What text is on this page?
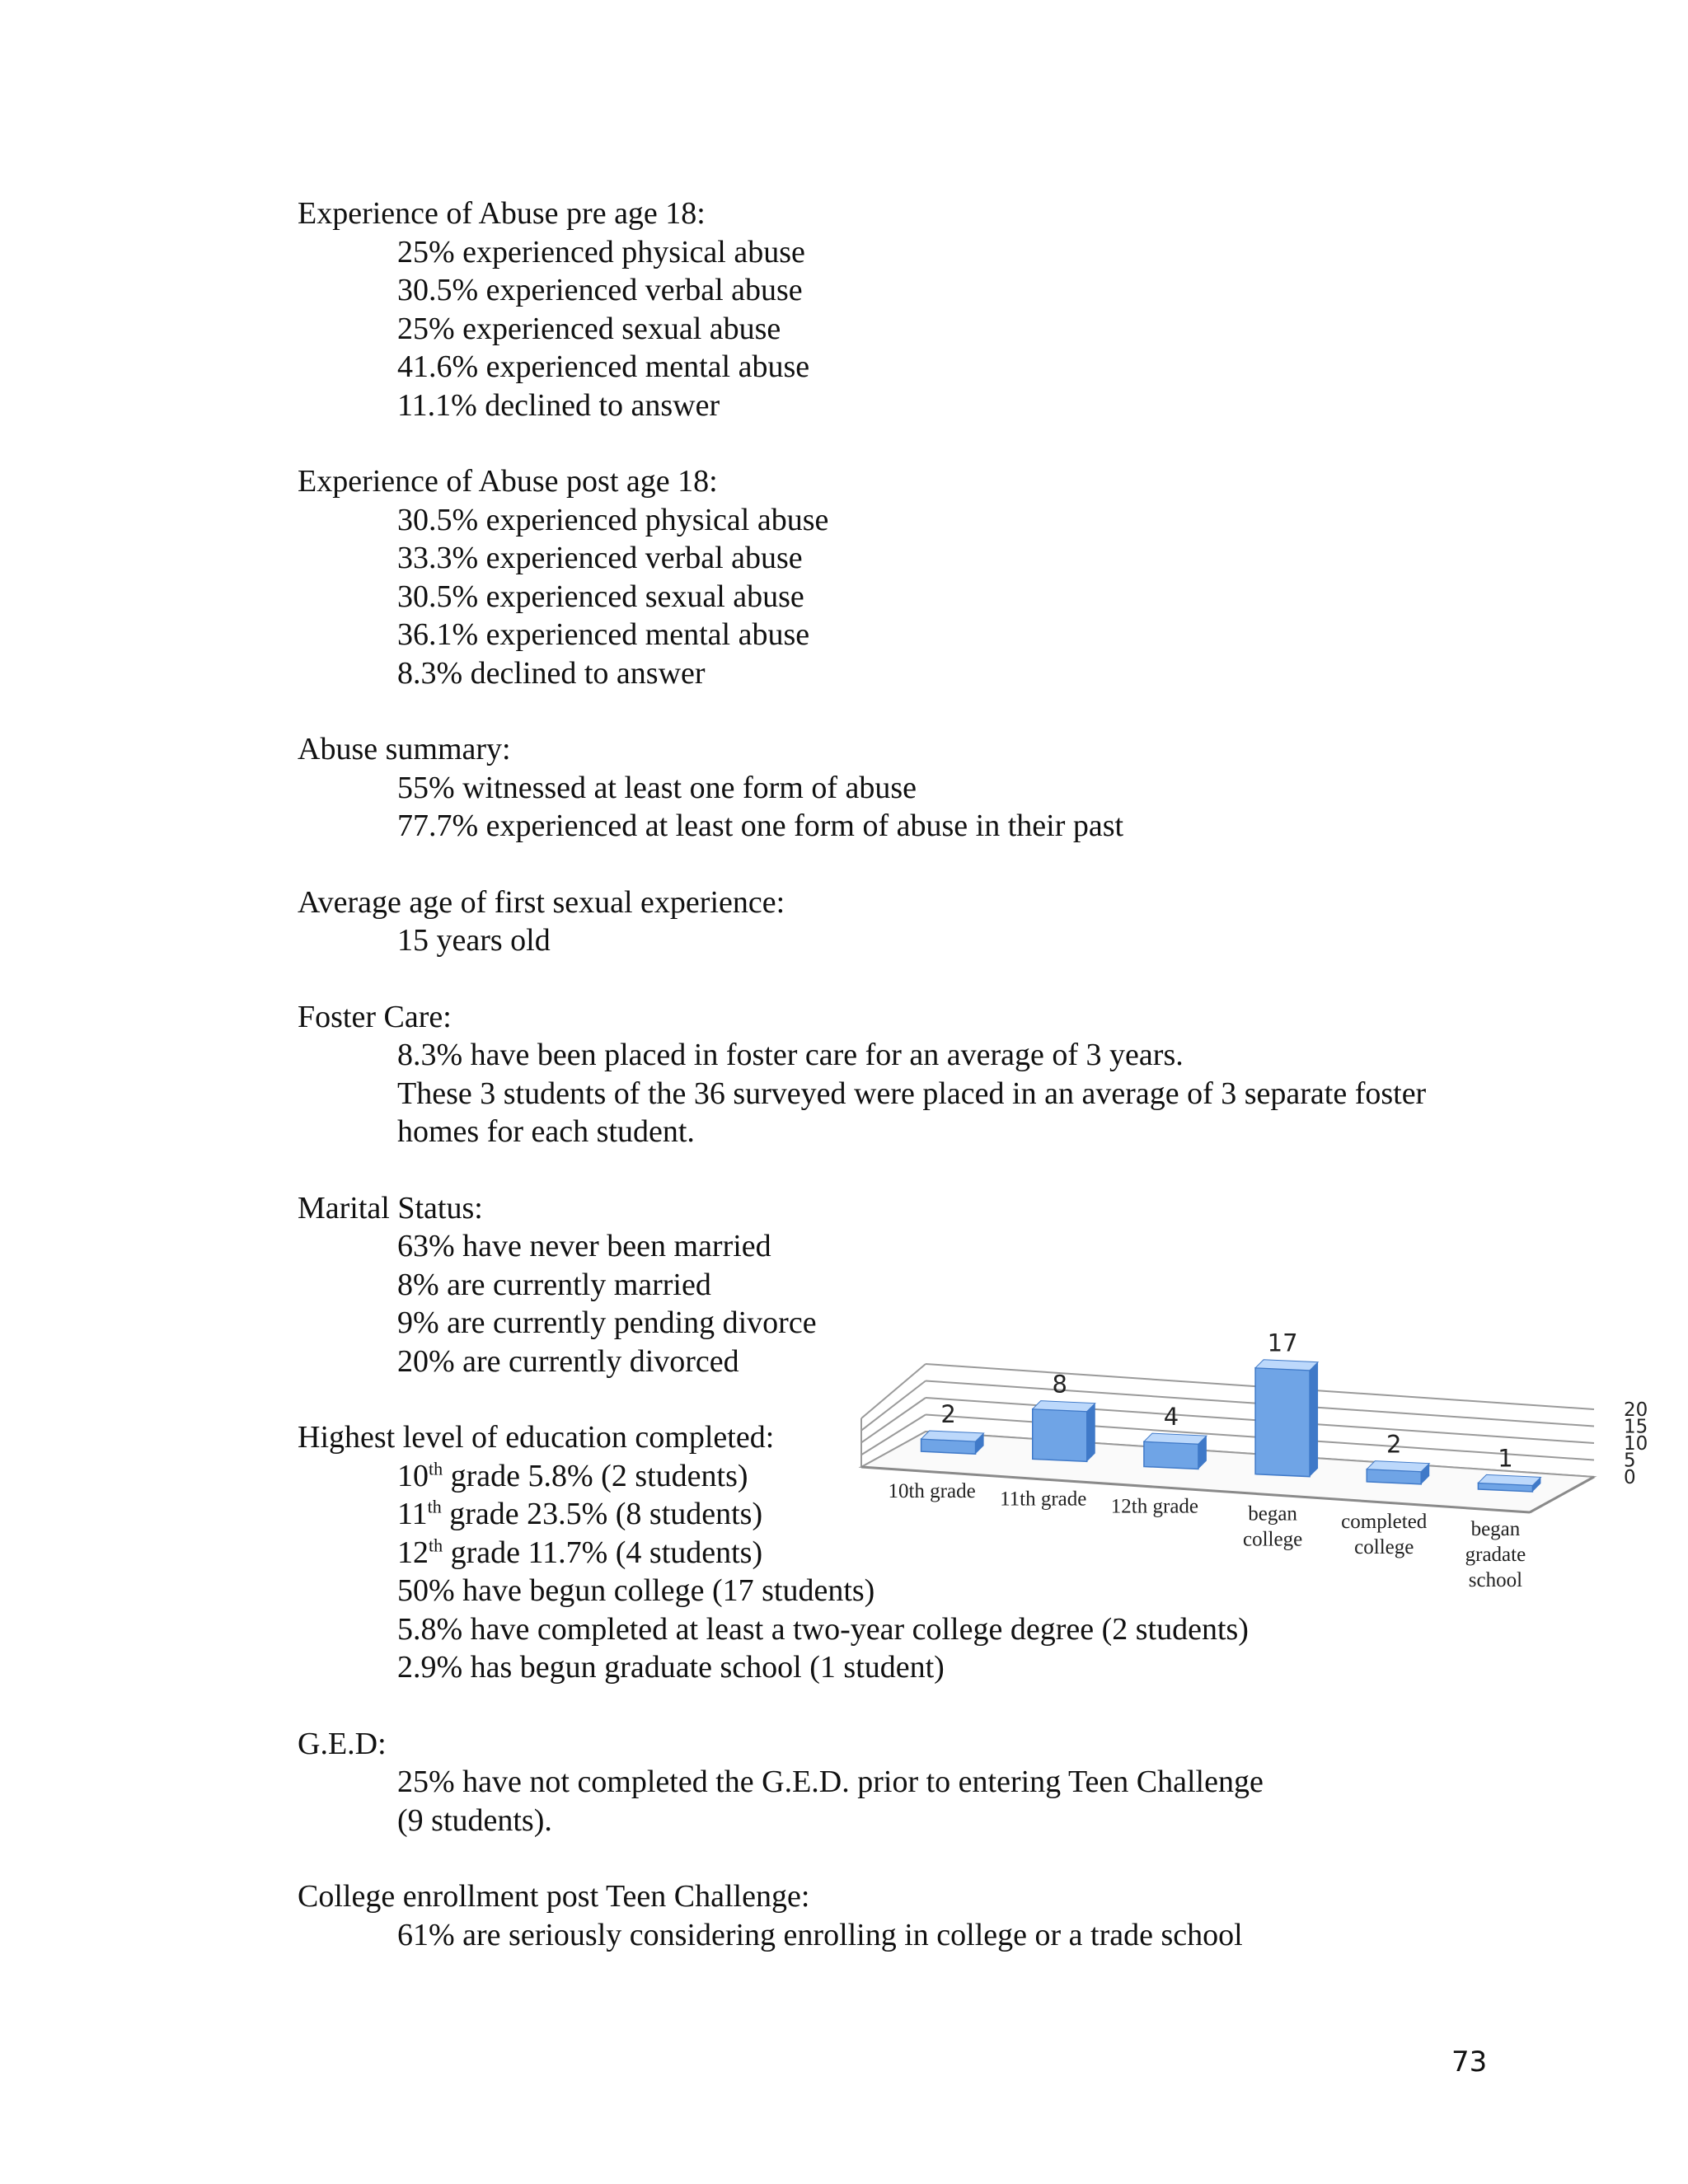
Experience of Abuse pre age 18:

25% experienced physical abuse

30.5% experienced verbal abuse

25% experienced sexual abuse

41.6% experienced mental abuse

11.1% declined to answer

Experience of Abuse post age 18:

30.5% experienced physical abuse

33.3% experienced verbal abuse

30.5% experienced sexual abuse

36.1% experienced mental abuse

8.3% declined to answer

Abuse summary:

55% witnessed at least one form of abuse

77.7% experienced at least one form of abuse in their past

Average age of first sexual experience:

15 years old

Foster Care:

8.3% have been placed in foster care for an average of 3 years.

These 3 students of the 36 surveyed were placed in an average of 3 separate foster

homes for each student.

Marital Status:

63% have never been married

8% are currently married

9% are currently pending divorce

20% are currently divorced

Highest level of education completed:

10th grade 5.8% (2 students)

11th grade 23.5% (8 students)

12th grade 11.7% (4 students)

50% have begun college (17 students)

5.8% have completed at least a two-year college degree (2 students)

2.9% has begun graduate school (1 student)

G.E.D:

25% have not completed the G.E.D. prior to entering Teen Challenge

(9 students).

College enrollment post Teen Challenge:

61% are seriously considering enrolling in college or a trade school

0
5
10
15
20
2
10th grade
8
11th grade
4
12th grade
17
began college
2
completed college
1
began gradate school
73
